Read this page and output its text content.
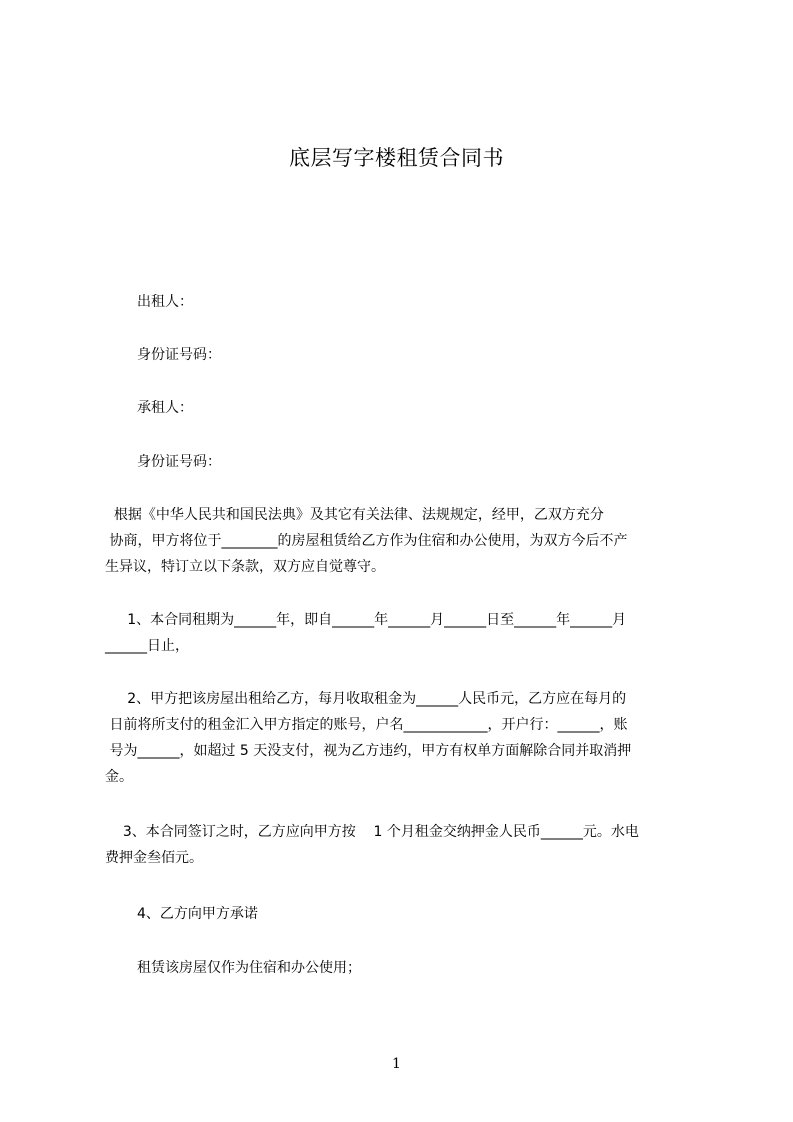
底层写字楼租赁合同书
出租人：
身份证号码：
承租人：
身份证号码：

根据《中华人民共和国民法典》及其它有关法律、法规规定，经甲，乙双方充分

协商，甲方将位于________的房屋租赁给乙方作为住宿和办公使用，为双方今后不产

生异议，特订立以下条款，双方应自觉尊守。

1、本合同租期为______年，即自______年______月______日至______年______月

______日止，

2、甲方把该房屋出租给乙方，每月收取租金为______人民币元，乙方应在每月的

日前将所支付的租金汇入甲方指定的账号，户名____________，开户行：______，账

号为______，如超过 5 天没支付，视为乙方违约，甲方有权单方面解除合同并取消押

金。

3、本合同签订之时，乙方应向甲方按    1 个月租金交纳押金人民币______元。水电

费押金叁佰元。

4、乙方向甲方承诺
租赁该房屋仅作为住宿和办公使用；
1
